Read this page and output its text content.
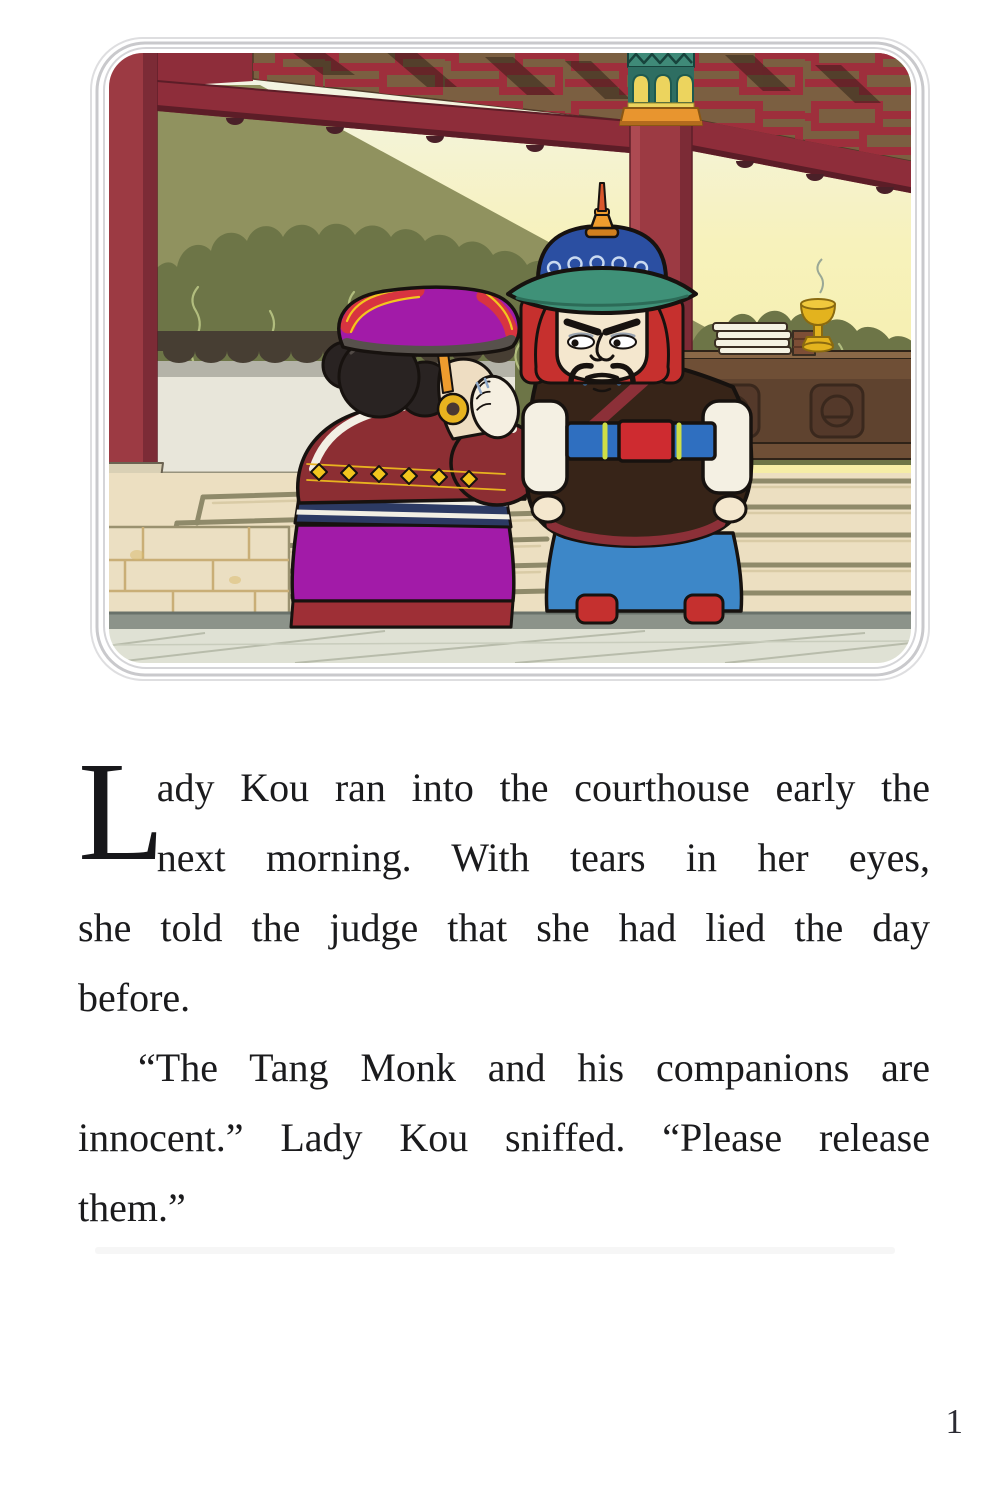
L
ady Kou ran into the courthouse early the
next morning. With tears in her eyes,
she told the judge that she had lied the day
before.
“The Tang Monk and his companions are
innocent.” Lady Kou sniffed. “Please release
them.”
1
